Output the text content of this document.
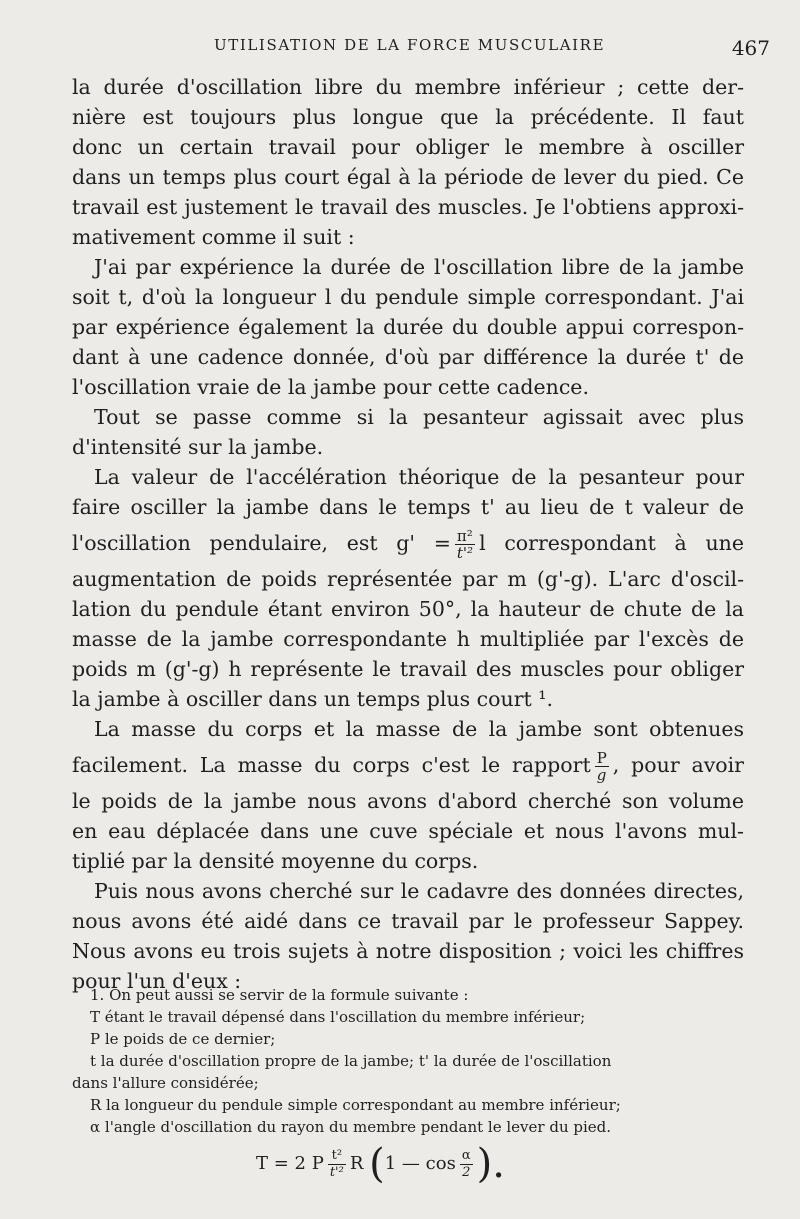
UTILISATION DE LA FORCE MUSCULAIRE	467
la durée d'oscillation libre du membre inférieur ; cette der-
nière est toujours plus longue que la précédente. Il faut
donc un certain travail pour obliger le membre à osciller
dans un temps plus court égal à la période de lever du pied. Ce
travail est justement le travail des muscles. Je l'obtiens approxi-
mativement comme il suit :
J'ai par expérience la durée de l'oscillation libre de la jambe
soit t, d'où la longueur l du pendule simple correspondant. J'ai
par expérience également la durée du double appui correspon-
dant à une cadence donnée, d'où par différence la durée t' de
l'oscillation vraie de la jambe pour cette cadence.
Tout se passe comme si la pesanteur agissait avec plus
d'intensité sur la jambe.
La valeur de l'accélération théorique de la pesanteur pour
faire osciller la jambe dans le temps t' au lieu de t valeur de
l'oscillation pendulaire, est $g' = \frac{\text{π²}}{\text{t'²}}$ l correspondant à une
augmentation de poids représentée par m (g'-g). L'arc d'oscil-
lation du pendule étant environ 50°, la hauteur de chute de la
masse de la jambe correspondante h multipliée par l'excès de
poids m (g'-g) h représente le travail des muscles pour obliger
la jambe à osciller dans un temps plus court ¹.
La masse du corps et la masse de la jambe sont obtenues
facilement. La masse du corps c'est le rapport $\frac{P}{g}$ , pour avoir
le poids de la jambe nous avons d'abord cherché son volume
en eau déplacée dans une cuve spéciale et nous l'avons mul-
tiplié par la densité moyenne du corps.
Puis nous avons cherché sur le cadavre des données directes,
nous avons été aidé dans ce travail par le professeur Sappey.
Nous avons eu trois sujets à notre disposition ; voici les chiffres
pour l'un d'eux :
1. On peut aussi se servir de la formule suivante :
T étant le travail dépensé dans l'oscillation du membre inférieur;
P le poids de ce dernier;
t la durée d'oscillation propre de la jambe; t' la durée de l'oscillation
dans l'allure considérée;
R la longueur du pendule simple correspondant au membre inférieur;
α l'angle d'oscillation du rayon du membre pendant le lever du pied.
T = 2 P $\frac{\text{t²}}{\text{t'²}}$ R (1 — $\cos \frac{\alpha}{2}$ ).
